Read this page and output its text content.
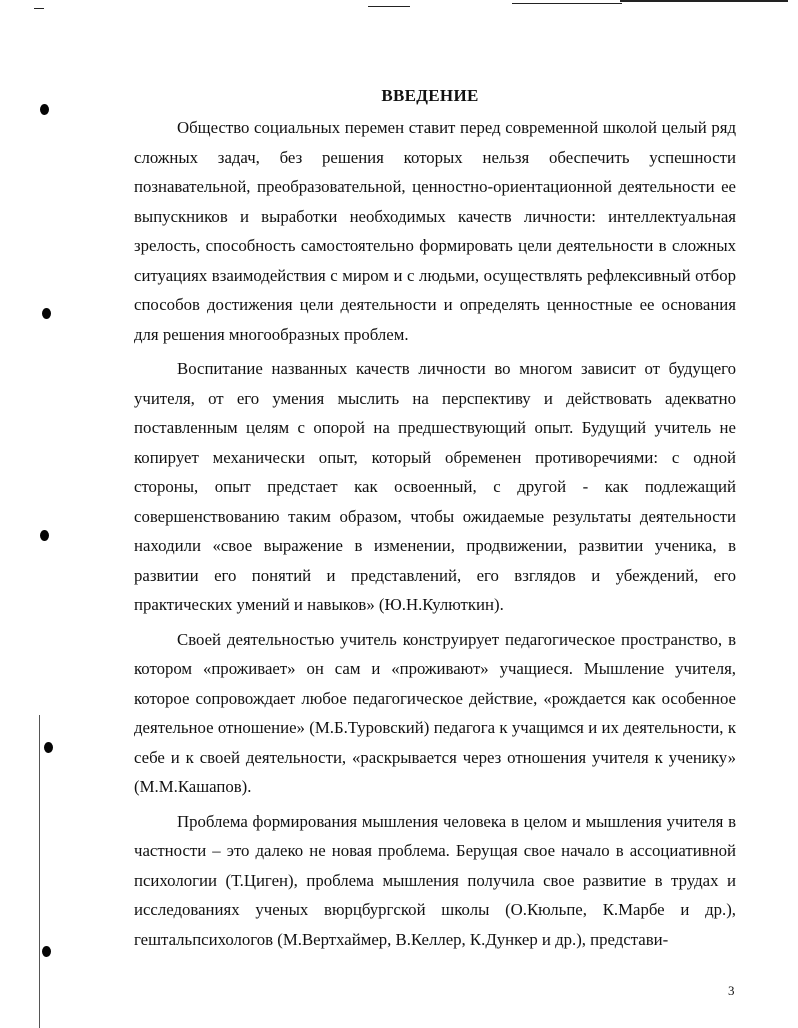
ВВЕДЕНИЕ

Общество социальных перемен ставит перед современной школой целый ряд сложных задач, без решения которых нельзя обеспечить успешности познавательной, преобразовательной, ценностно-ориентационной деятельности ее выпускников и выработки необходимых качеств личности: интеллектуальная зрелость, способность самостоятельно формировать цели деятельности в сложных ситуациях взаимодействия с миром и с людьми, осуществлять рефлексивный отбор способов достижения цели деятельности и определять ценностные ее основания для решения многообразных проблем.

Воспитание названных качеств личности во многом зависит от будущего учителя, от его умения мыслить на перспективу и действовать адекватно поставленным целям с опорой на предшествующий опыт. Будущий учитель не копирует механически опыт, который обременен противоречиями: с одной стороны, опыт предстает как освоенный, с другой - как подлежащий совершенствованию таким образом, чтобы ожидаемые результаты деятельности находили «свое выражение в изменении, продвижении, развитии ученика, в развитии его понятий и представлений, его взглядов и убеждений, его практических умений и навыков» (Ю.Н.Кулюткин).

Своей деятельностью учитель конструирует педагогическое пространство, в котором «проживает» он сам и «проживают» учащиеся. Мышление учителя, которое сопровождает любое педагогическое действие, «рождается как особенное деятельное отношение» (М.Б.Туровский) педагога к учащимся и их деятельности, к себе и к своей деятельности, «раскрывается через отношения учителя к ученику» (М.М.Кашапов).

Проблема формирования мышления человека в целом и мышления учителя в частности – это далеко не новая проблема. Берущая свое начало в ассоциативной психологии (Т.Циген), проблема мышления получила свое развитие в трудах и исследованиях ученых вюрцбургской школы (О.Кюльпе, К.Марбе и др.), гештальпсихологов (М.Вертхаймер, В.Келлер, К.Дункер и др.), представи-

3
